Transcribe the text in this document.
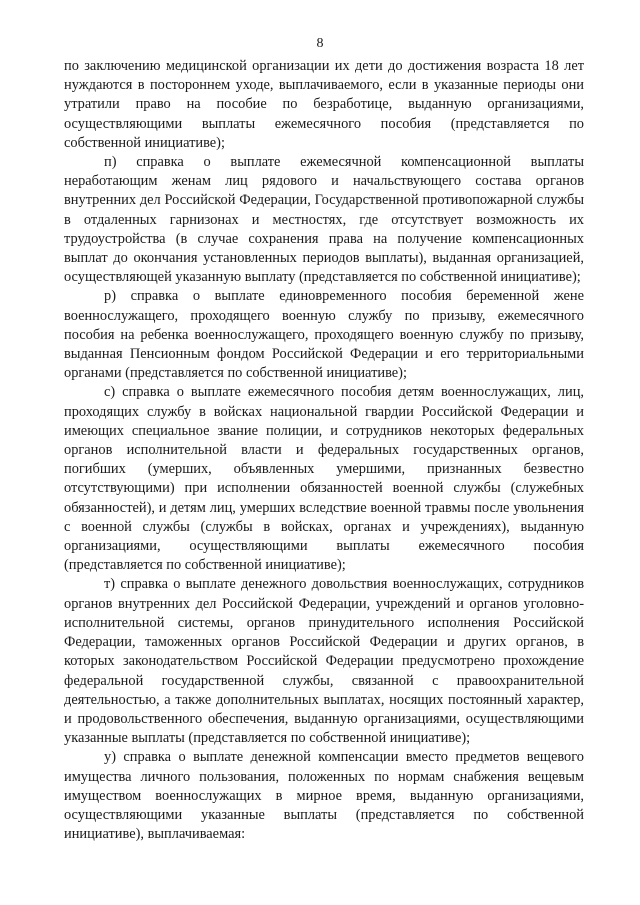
8

по заключению медицинской организации их дети до достижения возраста 18 лет нуждаются в постороннем уходе, выплачиваемого, если в указанные периоды они утратили право на пособие по безработице, выданную организациями, осуществляющими выплаты ежемесячного пособия (представляется по собственной инициативе);

п) справка о выплате ежемесячной компенсационной выплаты неработающим женам лиц рядового и начальствующего состава органов внутренних дел Российской Федерации, Государственной противопожарной службы в отдаленных гарнизонах и местностях, где отсутствует возможность их трудоустройства (в случае сохранения права на получение компенсационных выплат до окончания установленных периодов выплаты), выданная организацией, осуществляющей указанную выплату (представляется по собственной инициативе);

р) справка о выплате единовременного пособия беременной жене военнослужащего, проходящего военную службу по призыву, ежемесячного пособия на ребенка военнослужащего, проходящего военную службу по призыву, выданная Пенсионным фондом Российской Федерации и его территориальными органами (представляется по собственной инициативе);

с) справка о выплате ежемесячного пособия детям военнослужащих, лиц, проходящих службу в войсках национальной гвардии Российской Федерации и имеющих специальное звание полиции, и сотрудников некоторых федеральных органов исполнительной власти и федеральных государственных органов, погибших (умерших, объявленных умершими, признанных безвестно отсутствующими) при исполнении обязанностей военной службы (служебных обязанностей), и детям лиц, умерших вследствие военной травмы после увольнения с военной службы (службы в войсках, органах и учреждениях), выданную организациями, осуществляющими выплаты ежемесячного пособия (представляется по собственной инициативе);

т) справка о выплате денежного довольствия военнослужащих, сотрудников органов внутренних дел Российской Федерации, учреждений и органов уголовно-исполнительной системы, органов принудительного исполнения Российской Федерации, таможенных органов Российской Федерации и других органов, в которых законодательством Российской Федерации предусмотрено прохождение федеральной государственной службы, связанной с правоохранительной деятельностью, а также дополнительных выплатах, носящих постоянный характер, и продовольственного обеспечения, выданную организациями, осуществляющими указанные выплаты (представляется по собственной инициативе);

у) справка о выплате денежной компенсации вместо предметов вещевого имущества личного пользования, положенных по нормам снабжения вещевым имуществом военнослужащих в мирное время, выданную организациями, осуществляющими указанные выплаты (представляется по собственной инициативе), выплачиваемая:
